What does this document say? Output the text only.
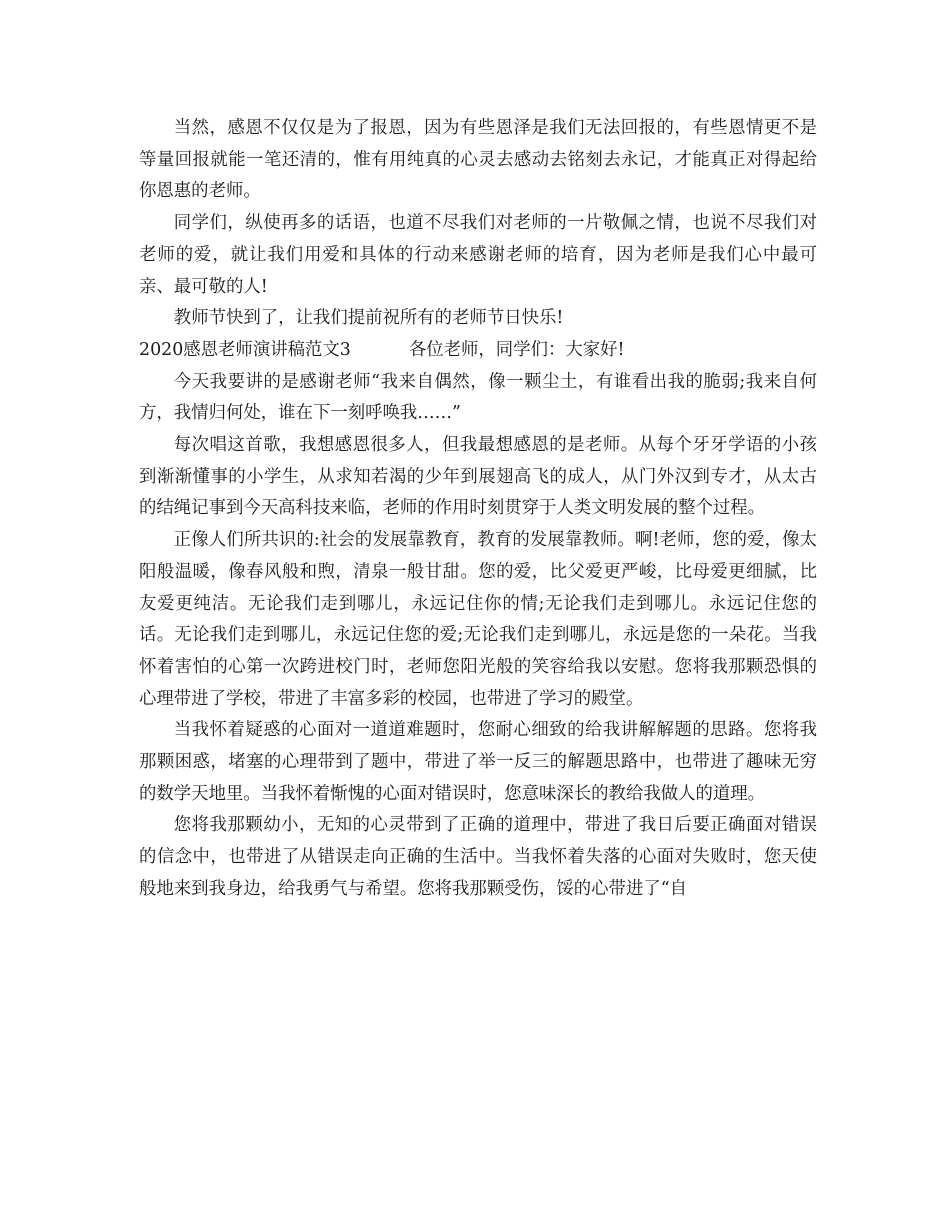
当然，感恩不仅仅是为了报恩，因为有些恩泽是我们无法回报的，有些恩情更不是等量回报就能一笔还清的，惟有用纯真的心灵去感动去铭刻去永记，才能真正对得起给你恩惠的老师。

同学们，纵使再多的话语，也道不尽我们对老师的一片敬佩之情，也说不尽我们对老师的爱，就让我们用爱和具体的行动来感谢老师的培育，因为老师是我们心中最可亲、最可敬的人!

教师节快到了，让我们提前祝所有的老师节日快乐!

2020感恩老师演讲稿范文3	各位老师，同学们：大家好!

今天我要讲的是感谢老师“我来自偶然，像一颗尘土，有谁看出我的脆弱;我来自何方，我情归何处，谁在下一刻呼唤我……”

每次唱这首歌，我想感恩很多人，但我最想感恩的是老师。从每个牙牙学语的小孩到渐渐懂事的小学生，从求知若渴的少年到展翅高飞的成人，从门外汉到专才，从太古的结绳记事到今天高科技来临，老师的作用时刻贯穿于人类文明发展的整个过程。

正像人们所共识的:社会的发展靠教育，教育的发展靠教师。啊!老师，您的爱，像太阳般温暖，像春风般和煦，清泉一般甘甜。您的爱，比父爱更严峻，比母爱更细腻，比友爱更纯洁。无论我们走到哪儿，永远记住你的情;无论我们走到哪儿。永远记住您的话。无论我们走到哪儿，永远记住您的爱;无论我们走到哪儿，永远是您的一朵花。当我怀着害怕的心第一次跨进校门时，老师您阳光般的笑容给我以安慰。您将我那颗恐惧的心理带进了学校，带进了丰富多彩的校园，也带进了学习的殿堂。

当我怀着疑惑的心面对一道道难题时，您耐心细致的给我讲解解题的思路。您将我那颗困惑，堵塞的心理带到了题中，带进了举一反三的解题思路中，也带进了趣味无穷的数学天地里。当我怀着惭愧的心面对错误时，您意味深长的教给我做人的道理。

您将我那颗幼小，无知的心灵带到了正确的道理中，带进了我日后要正确面对错误的信念中，也带进了从错误走向正确的生活中。当我怀着失落的心面对失败时，您天使般地来到我身边，给我勇气与希望。您将我那颗受伤，馁的心带进了“自
